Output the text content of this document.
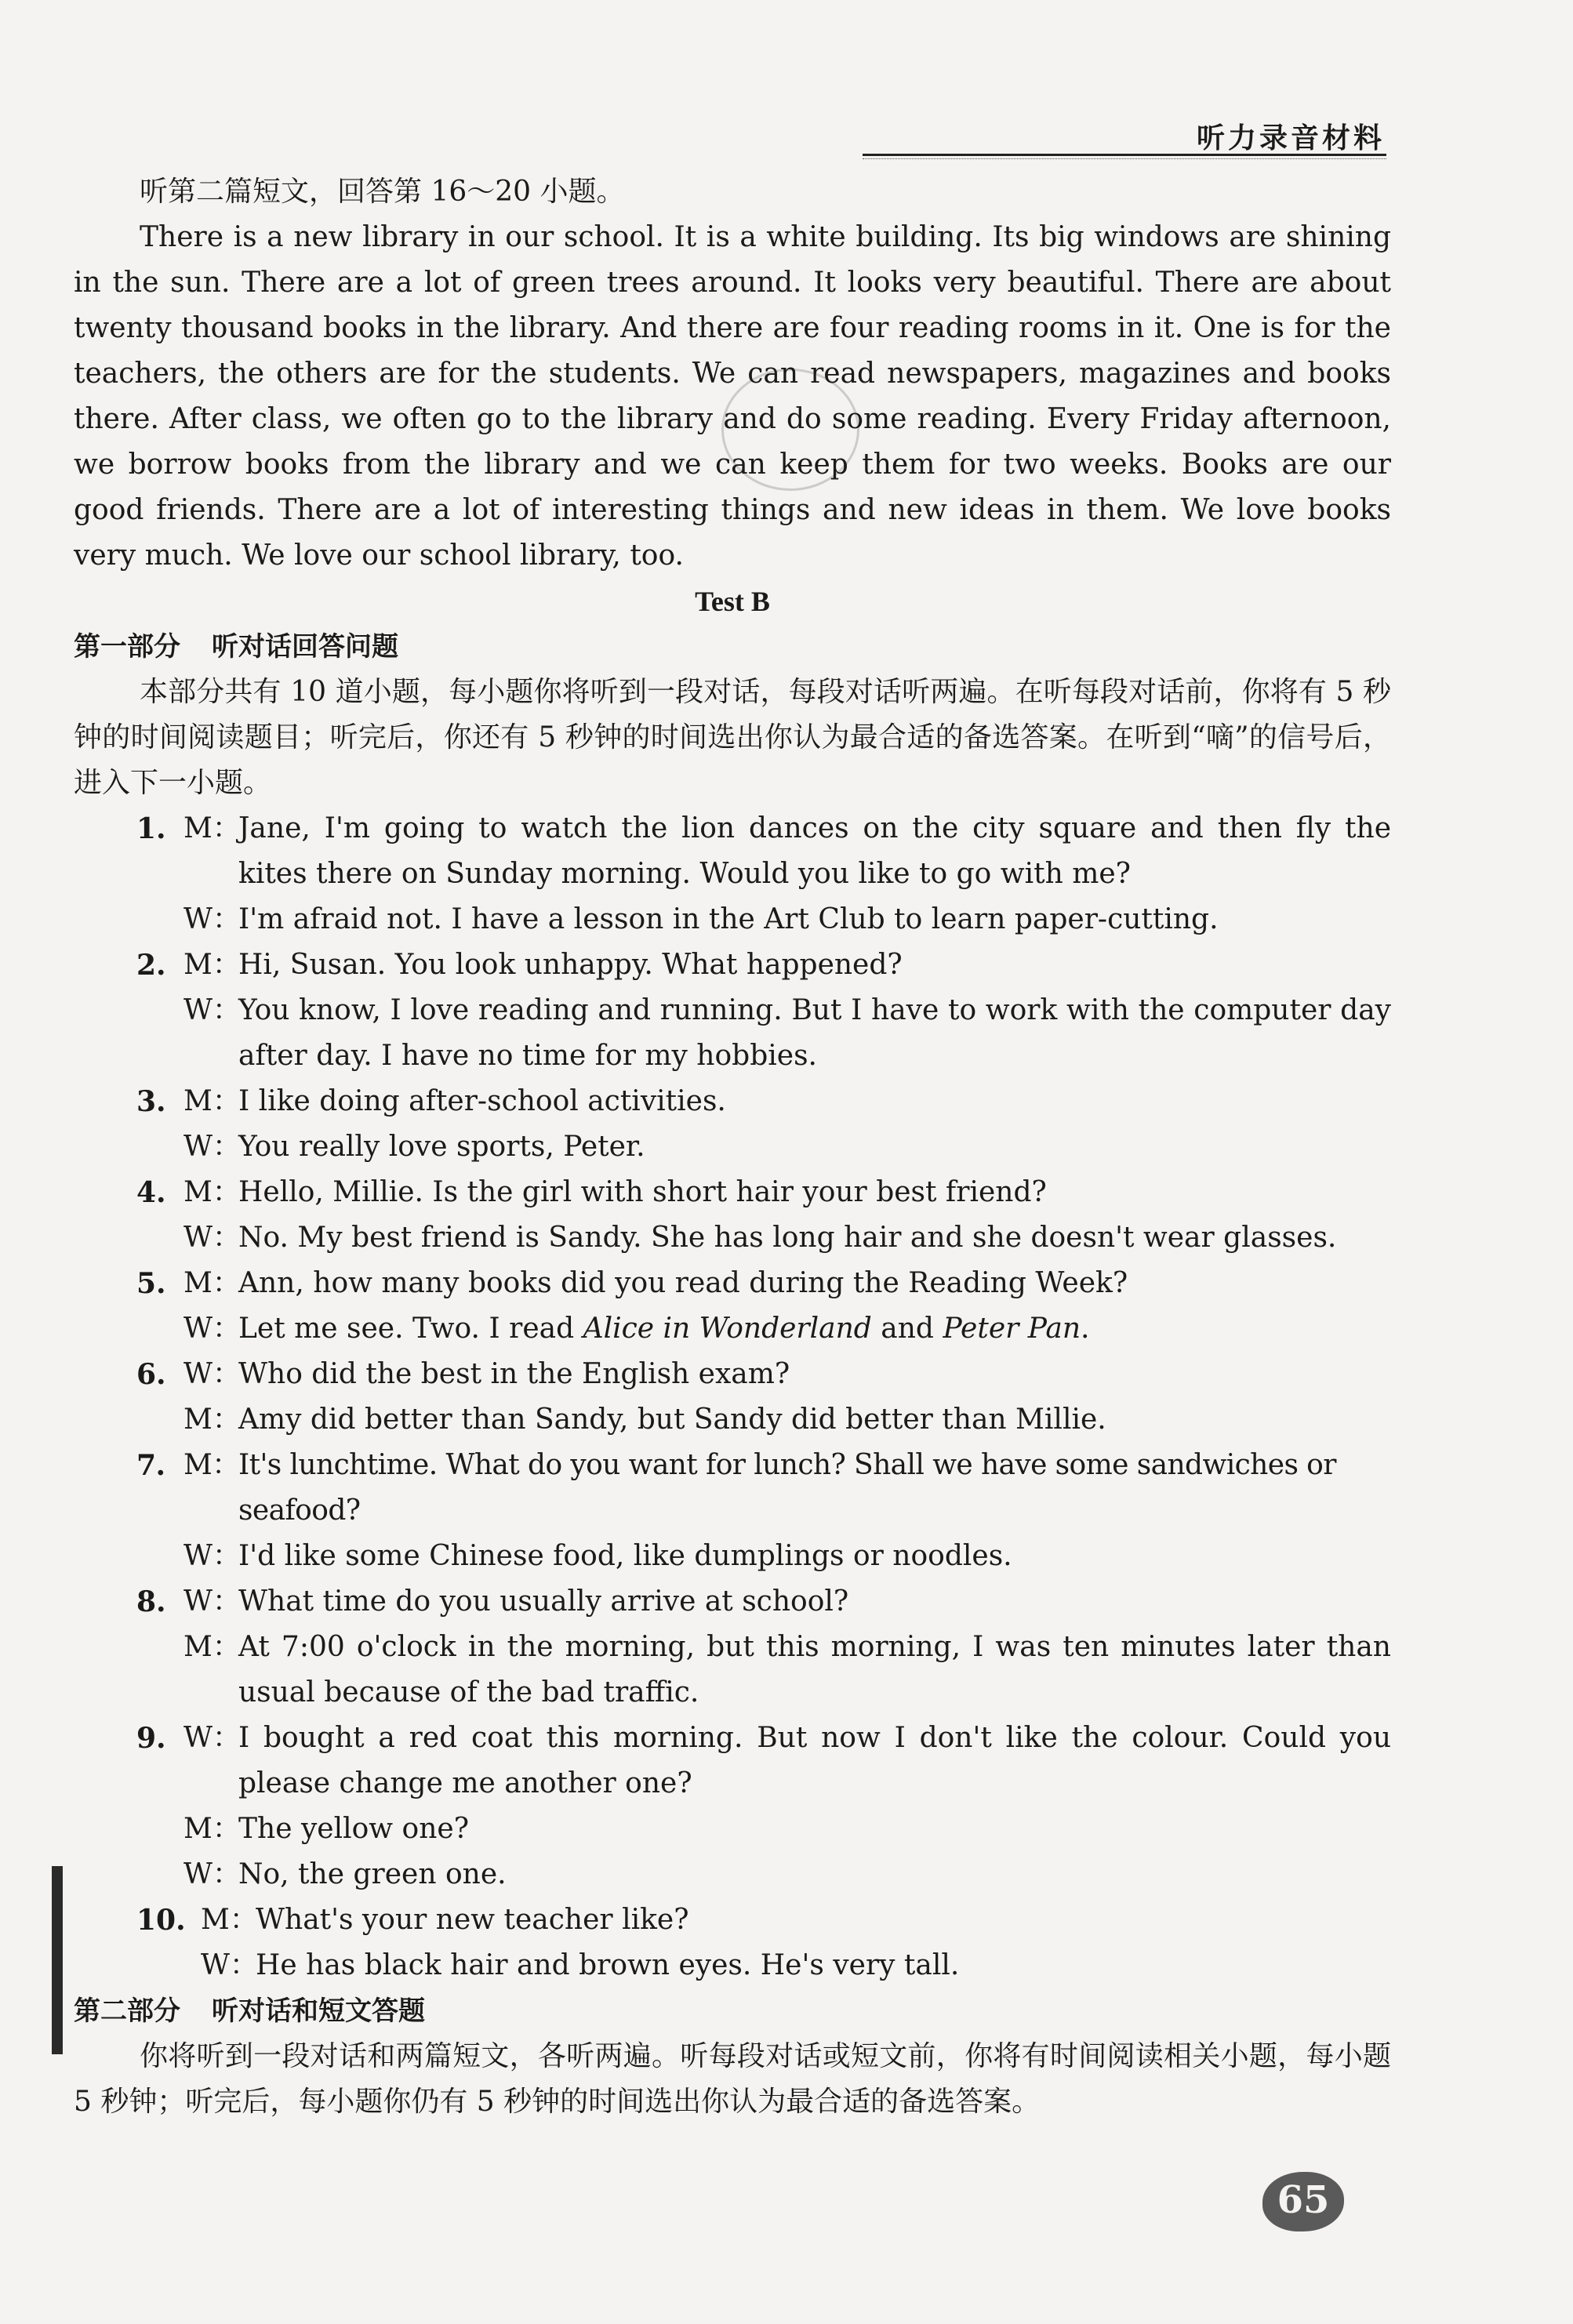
听力录音材料

听第二篇短文，回答第 16～20 小题。

There is a new library in our school. It is a white building. Its big windows are shining in the sun. There are a lot of green trees around. It looks very beautiful. There are about twenty thousand books in the library. And there are four reading rooms in it. One is for the teachers, the others are for the students. We can read newspapers, magazines and books there. After class, we often go to the library and do some reading. Every Friday afternoon, we borrow books from the library and we can keep them for two weeks. Books are our good friends. There are a lot of interesting things and new ideas in them. We love books very much. We love our school library, too.

Test B

第一部分 听对话回答问题

本部分共有 10 道小题，每小题你将听到一段对话，每段对话听两遍。在听每段对话前，你将有 5 秒钟的时间阅读题目；听完后，你还有 5 秒钟的时间选出你认为最合适的备选答案。在听到“嘀”的信号后，进入下一小题。

1. M：
Jane, I'm going to watch the lion dances on the city square and then fly the kites there on Sunday morning. Would you like to go with me?

W：
I'm afraid not. I have a lesson in the Art Club to learn paper-cutting.

2. M：
Hi, Susan. You look unhappy. What happened?

W：
You know, I love reading and running. But I have to work with the computer day after day. I have no time for my hobbies.

3. M：
I like doing after-school activities.

W：
You really love sports, Peter.

4. M：
Hello, Millie. Is the girl with short hair your best friend?

W：
No. My best friend is Sandy. She has long hair and she doesn't wear glasses.

5. M：
Ann, how many books did you read during the Reading Week?

W：
Let me see. Two. I read Alice in Wonderland and Peter Pan.

6. W：
Who did the best in the English exam?

M：
Amy did better than Sandy, but Sandy did better than Millie.

7. M：
It's lunchtime. What do you want for lunch? Shall we have some sandwiches or seafood?

W：
I'd like some Chinese food, like dumplings or noodles.

8. W：
What time do you usually arrive at school?

M：
At 7:00 o'clock in the morning, but this morning, I was ten minutes later than usual because of the bad traffic.

9. W：
I bought a red coat this morning. But now I don't like the colour. Could you please change me another one?

M：
The yellow one?

W：
No, the green one.

10. M：
What's your new teacher like?

W：
He has black hair and brown eyes. He's very tall.

第二部分 听对话和短文答题

你将听到一段对话和两篇短文，各听两遍。听每段对话或短文前，你将有时间阅读相关小题，每小题 5 秒钟；听完后，每小题你仍有 5 秒钟的时间选出你认为最合适的备选答案。

65
